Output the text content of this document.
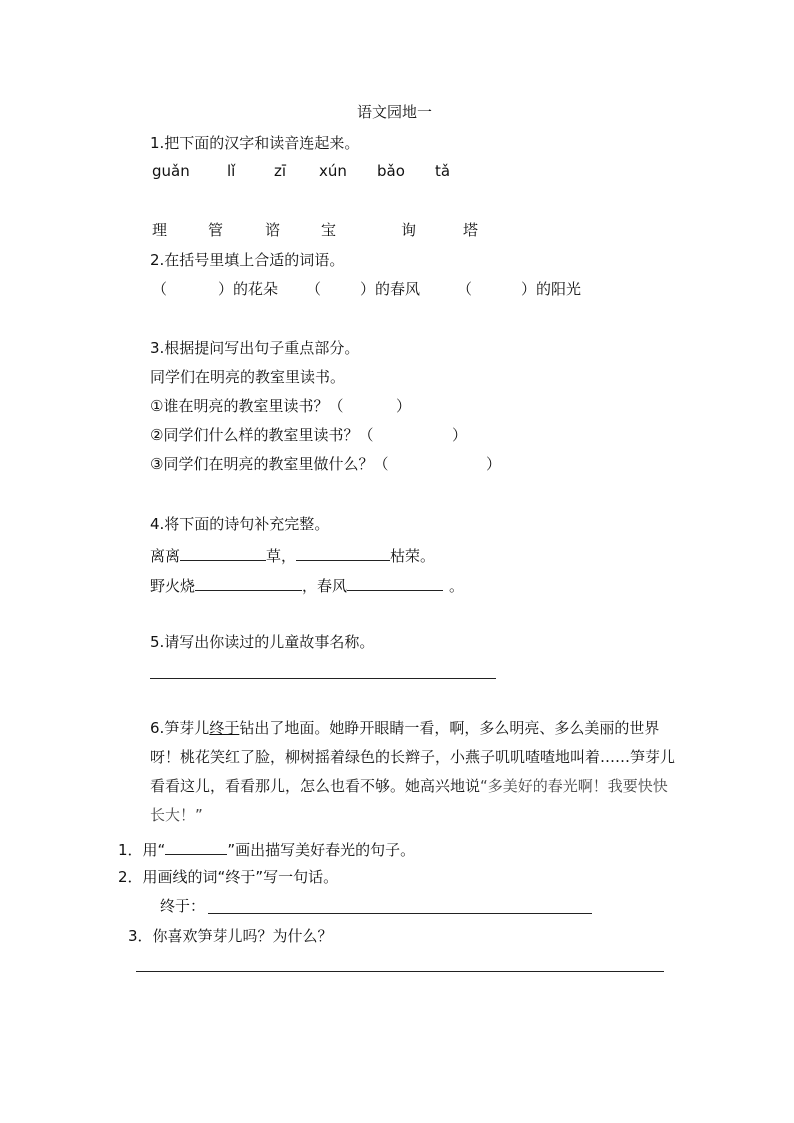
语文园地一
1.把下面的汉字和读音连起来。
guǎn lǐ	zī xún bǎo tǎ
理	管	谘	宝	询	塔
2.在括号里填上合适的词语。
（	）的花朵 （	）的春风 （	）的阳光
3.根据提问写出句子重点部分。
同学们在明亮的教室里读书。
①谁在明亮的教室里读书？（	）
②同学们什么样的教室里读书？（	）
③同学们在明亮的教室里做什么？（	）
4.将下面的诗句补充完整。
离离	草，	枯荣。
野火烧	，春风	。
5.请写出你读过的儿童故事名称。
6.笋芽儿终于钻出了地面。她睁开眼睛一看，啊，多么明亮、多么美丽的世界呀！桃花笑红了脸，柳树摇着绿色的长辫子，小燕子叽叽喳喳地叫着……笋芽儿看看这儿，看看那儿，怎么也看不够。她高兴地说“多美好的春光啊！我要快快长大！”
1．用“	”画出描写美好春光的句子。
2．用画线的词“终于”写一句话。
终于：
3．你喜欢笋芽儿吗？为什么？
